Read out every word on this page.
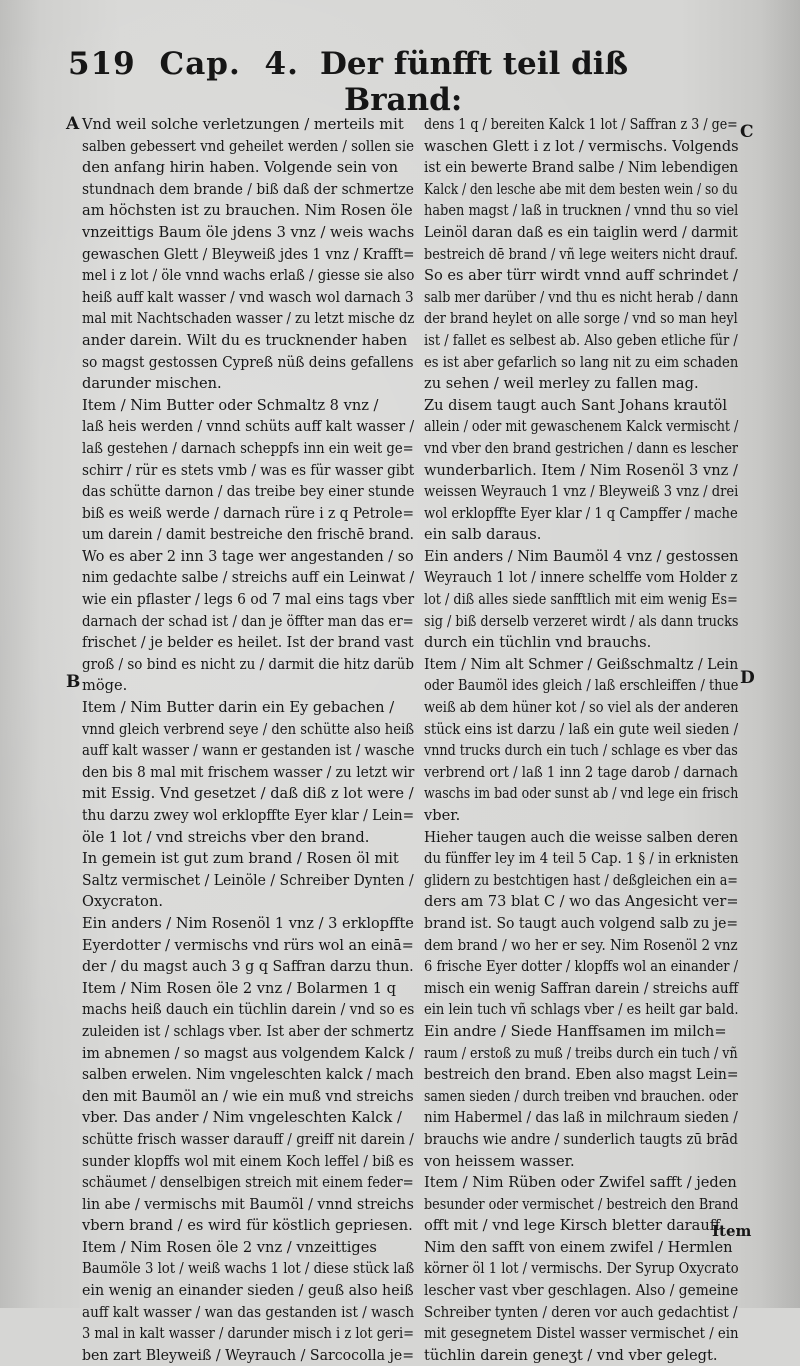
519 Cap. 4. Der fünfft teil diß
Brand:
A
B
C
D
Vnd weil solche verletzungen / merteils mit
salben gebessert vnd geheilet werden / sollen sie
den anfang hirin haben. Volgende sein von
stundnach dem brande / biß daß der schmertze
am höchsten ist zu brauchen. Nim Rosen öle
vnzeittigs Baum öle jdens 3 vnz / weis wachs
gewaschen Glett / Bleyweiß jdes 1 vnz / Krafft=
mel i z lot / öle vnnd wachs erlaß / giesse sie also
heiß auff kalt wasser / vnd wasch wol darnach 3
mal mit Nachtschaden wasser / zu letzt mische dz
ander darein. Wilt du es trucknender haben
so magst gestossen Cypreß nüß deins gefallens
darunder mischen.
Item / Nim Butter oder Schmaltz 8 vnz /
laß heis werden / vnnd schüts auff kalt wasser /
laß gestehen / darnach scheppfs inn ein weit ge=
schirr / rür es stets vmb / was es für wasser gibt
das schütte darnon / das treibe bey einer stunde
biß es weiß werde / darnach rüre i z q Petrole=
um darein / damit bestreiche den frischē brand.
Wo es aber 2 inn 3 tage wer angestanden / so
nim gedachte salbe / streichs auff ein Leinwat /
wie ein pflaster / legs 6 od 7 mal eins tags vber
darnach der schad ist / dan je öffter man das er=
frischet / je belder es heilet. Ist der brand vast
groß / so bind es nicht zu / darmit die hitz darüb
möge.
Item / Nim Butter darin ein Ey gebachen /
vnnd gleich verbrend seye / den schütte also heiß
auff kalt wasser / wann er gestanden ist / wasche
den bis 8 mal mit frischem wasser / zu letzt wir
mit Essig. Vnd gesetzet / daß diß z lot were /
thu darzu zwey wol erklopffte Eyer klar / Lein=
öle 1 lot / vnd streichs vber den brand.
In gemein ist gut zum brand / Rosen öl mit
Saltz vermischet / Leinöle / Schreiber Dynten /
Oxycraton.
Ein anders / Nim Rosenöl 1 vnz / 3 erklopffte
Eyerdotter / vermischs vnd rürs wol an einā=
der / du magst auch 3 g q Saffran darzu thun.
Item / Nim Rosen öle 2 vnz / Bolarmen 1 q
machs heiß dauch ein tüchlin darein / vnd so es
zuleiden ist / schlags vber. Ist aber der schmertz
im abnemen / so magst aus volgendem Kalck /
salben erwelen. Nim vngeleschten kalck / mach
den mit Baumöl an / wie ein muß vnd streichs
vber. Das ander / Nim vngeleschten Kalck /
schütte frisch wasser darauff / greiff nit darein /
sunder klopffs wol mit einem Koch leffel / biß es
schäumet / denselbigen streich mit einem feder=
lin abe / vermischs mit Baumöl / vnnd streichs
vbern brand / es wird für köstlich gepriesen.
Item / Nim Rosen öle 2 vnz / vnzeittiges
Baumöle 3 lot / weiß wachs 1 lot / diese stück laß
ein wenig an einander sieden / geuß also heiß
auff kalt wasser / wan das gestanden ist / wasch
3 mal in kalt wasser / darunder misch i z lot geri=
ben zart Bleyweiß / Weyrauch / Sarcocolla je=
dens 1 q / bereiten Kalck 1 lot / Saffran z 3 / ge=
waschen Glett i z lot / vermischs. Volgends
ist ein bewerte Brand salbe / Nim lebendigen
Kalck / den lesche abe mit dem besten wein / so du
haben magst / laß in trucknen / vnnd thu so viel
Leinöl daran daß es ein taiglin werd / darmit
bestreich dē brand / vñ lege weiters nicht drauf.
So es aber türr wirdt vnnd auff schrindet /
salb mer darüber / vnd thu es nicht herab / dann
der brand heylet on alle sorge / vnd so man heyl
ist / fallet es selbest ab. Also geben etliche für /
es ist aber gefarlich so lang nit zu eim schaden
zu sehen / weil merley zu fallen mag.
Zu disem taugt auch Sant Johans krautöl
allein / oder mit gewaschenem Kalck vermischt /
vnd vber den brand gestrichen / dann es lescher
wunderbarlich. Item / Nim Rosenöl 3 vnz /
weissen Weyrauch 1 vnz / Bleyweiß 3 vnz / drei
wol erklopffte Eyer klar / 1 q Campffer / mache
ein salb daraus.
Ein anders / Nim Baumöl 4 vnz / gestossen
Weyrauch 1 lot / innere schelffe vom Holder z
lot / diß alles siede sanfftlich mit eim wenig Es=
sig / biß derselb verzeret wirdt / als dann trucks
durch ein tüchlin vnd brauchs.
Item / Nim alt Schmer / Geißschmaltz / Lein
oder Baumöl ides gleich / laß erschleiffen / thue
weiß ab dem hüner kot / so viel als der anderen
stück eins ist darzu / laß ein gute weil sieden /
vnnd trucks durch ein tuch / schlage es vber das
verbrend ort / laß 1 inn 2 tage darob / darnach
waschs im bad oder sunst ab / vnd lege ein frisch
vber.
Hieher taugen auch die weisse salben deren
du fünffer ley im 4 teil 5 Cap. 1 § / in erknisten
glidern zu bestchtigen hast / deßgleichen ein a=
ders am 73 blat C / wo das Angesicht ver=
brand ist. So taugt auch volgend salb zu je=
dem brand / wo her er sey. Nim Rosenöl 2 vnz
6 frische Eyer dotter / klopffs wol an einander /
misch ein wenig Saffran darein / streichs auff
ein lein tuch vñ schlags vber / es heilt gar bald.
Ein andre / Siede Hanffsamen im milch=
raum / erstoß zu muß / treibs durch ein tuch / vñ
bestreich den brand. Eben also magst Lein=
samen sieden / durch treiben vnd brauchen. oder
nim Habermel / das laß in milchraum sieden /
brauchs wie andre / sunderlich taugts zū brād
von heissem wasser.
Item / Nim Rüben oder Zwifel safft / jeden
besunder oder vermischet / bestreich den Brand
offt mit / vnd lege Kirsch bletter darauff.
Nim den safft von einem zwifel / Hermlen
körner öl 1 lot / vermischs. Der Syrup Oxycrato
lescher vast vber geschlagen. Also / gemeine
Schreiber tynten / deren vor auch gedachtist /
mit gesegnetem Distel wasser vermischet / ein
tüchlin darein geneʒt / vnd vber gelegt.
Item
